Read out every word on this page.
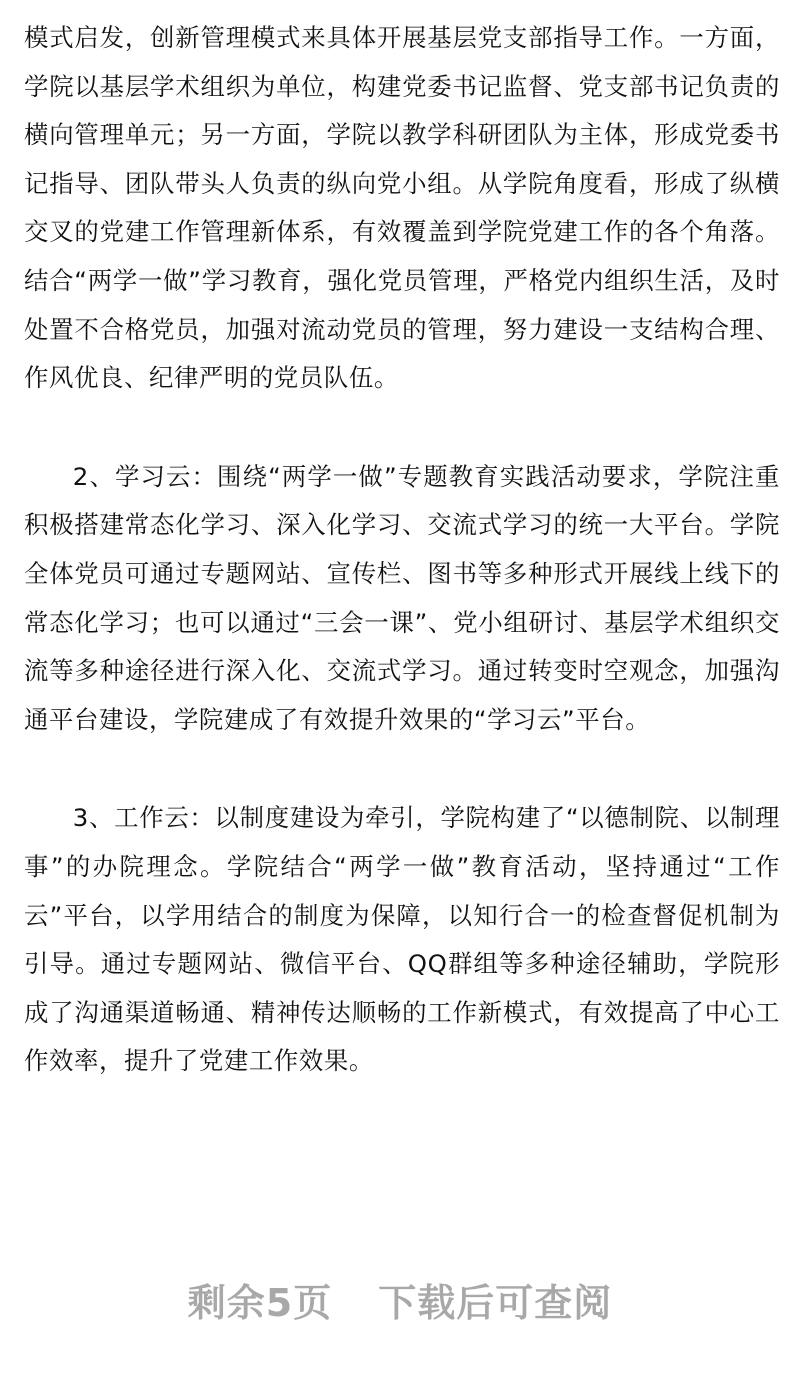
模式启发，创新管理模式来具体开展基层党支部指导工作。一方面，学院以基层学术组织为单位，构建党委书记监督、党支部书记负责的横向管理单元；另一方面，学院以教学科研团队为主体，形成党委书记指导、团队带头人负责的纵向党小组。从学院角度看，形成了纵横交叉的党建工作管理新体系，有效覆盖到学院党建工作的各个角落。 结合“两学一做”学习教育，强化党员管理，严格党内组织生活，及时处置不合格党员，加强对流动党员的管理，努力建设一支结构合理、作风优良、纪律严明的党员队伍。

2、学习云：围绕“两学一做”专题教育实践活动要求，学院注重积极搭建常态化学习、深入化学习、交流式学习的统一大平台。学院全体党员可通过专题网站、宣传栏、图书等多种形式开展线上线下的常态化学习；也可以通过“三会一课”、党小组研讨、基层学术组织交流等多种途径进行深入化、交流式学习。通过转变时空观念，加强沟通平台建设，学院建成了有效提升效果的“学习云”平台。

3、工作云：以制度建设为牵引，学院构建了“以德制院、以制理事”的办院理念。学院结合“两学一做”教育活动，坚持通过“工作云”平台，以学用结合的制度为保障，以知行合一的检查督促机制为引导。通过专题网站、微信平台、QQ群组等多种途径辅助，学院形成了沟通渠道畅通、精神传达顺畅的工作新模式，有效提高了中心工作效率，提升了党建工作效果。

剩余5页 下载后可查阅
